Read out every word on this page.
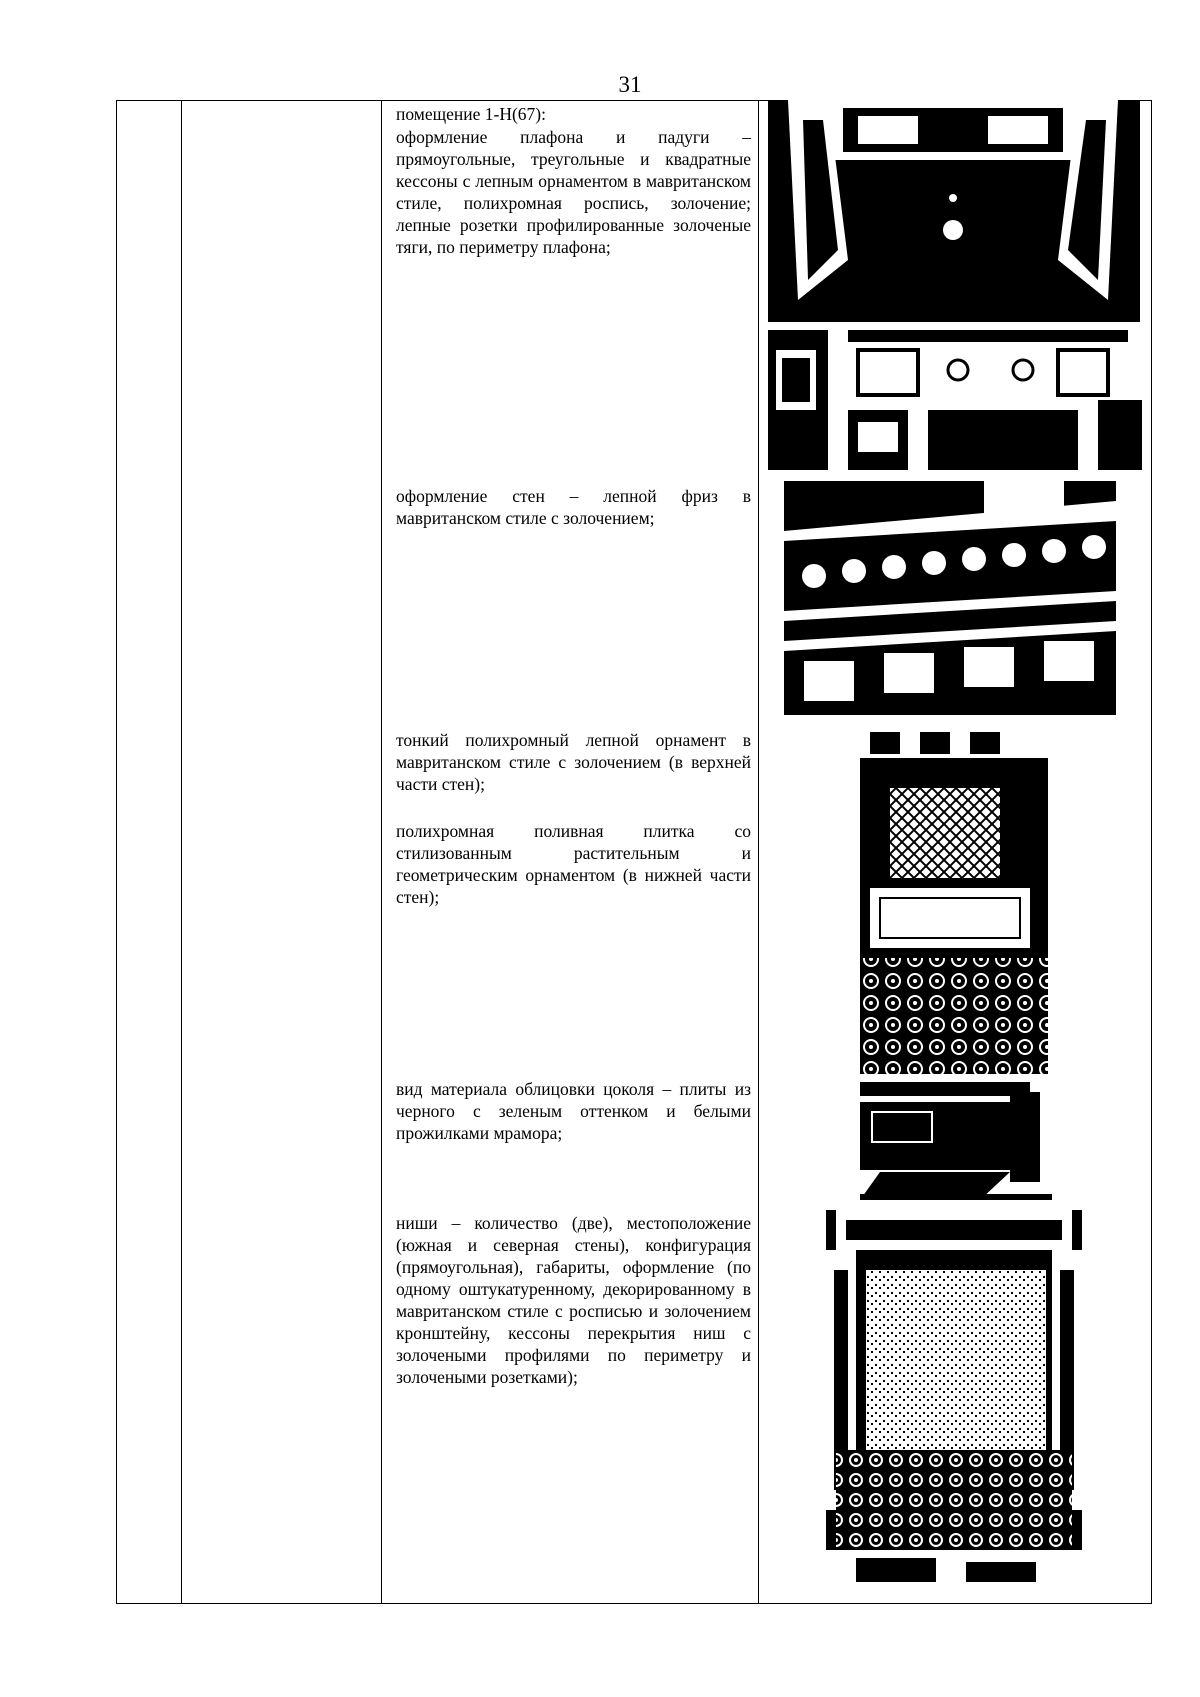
31
помещение 1-Н(67):
оформление плафона и падуги – прямоугольные, треугольные и квадратные кессоны с лепным орнаментом в мавританском стиле, полихромная роспись, золочение; лепные розетки профилированные золоченые тяги, по периметру плафона;
оформление стен – лепной фриз в мавританском стиле с золочением;
тонкий полихромный лепной орнамент в мавританском стиле с золочением (в верхней части стен);
полихромная поливная плитка со стилизованным растительным и геометрическим орнаментом (в нижней части стен);
вид материала облицовки цоколя – плиты из черного с зеленым оттенком и белыми прожилками мрамора;
ниши – количество (две), местоположение (южная и северная стены), конфигурация (прямоугольная), габариты, оформление (по одному оштукатуренному, декорированному в мавританском стиле с росписью и золочением кронштейну, кессоны перекрытия ниш с золочеными профилями по периметру и золочеными розетками);
